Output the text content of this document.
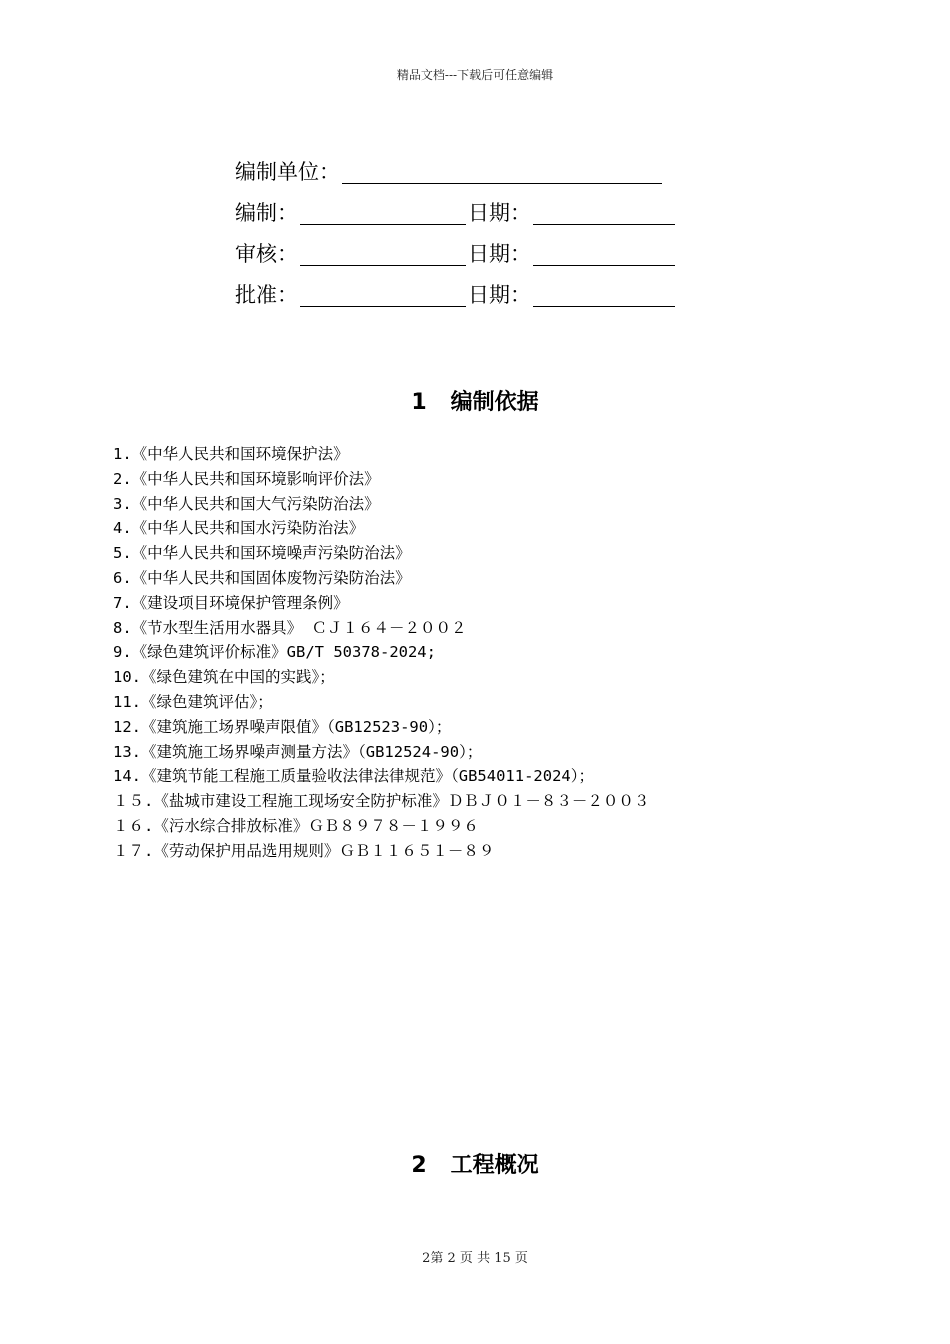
精品文档---下载后可任意编辑
编制单位：
编制：	日期：
审核：	日期：
批准：	日期：
1 编制依据
1.《中华人民共和国环境保护法》
2.《中华人民共和国环境影响评价法》
3.《中华人民共和国大气污染防治法》
4.《中华人民共和国水污染防治法》
5.《中华人民共和国环境噪声污染防治法》
6.《中华人民共和国固体废物污染防治法》
7.《建设项目环境保护管理条例》
8.《节水型生活用水器具》 ＣＪ１６４－２００２
9.《绿色建筑评价标准》GB/T 50378-2024;
10.《绿色建筑在中国的实践》；
11.《绿色建筑评估》；
12.《建筑施工场界噪声限值》（GB12523-90）；
13.《建筑施工场界噪声测量方法》（GB12524-90）；
14.《建筑节能工程施工质量验收法律法律规范》（GB54011-2024）；
１５.《盐城市建设工程施工现场安全防护标准》ＤＢＪ０１－８３－２００３
１６.《污水综合排放标准》ＧＢ８９７８－１９９６
１７.《劳动保护用品选用规则》ＧＢ１１６５１－８９
2 工程概况
2第 2 页 共 15 页
